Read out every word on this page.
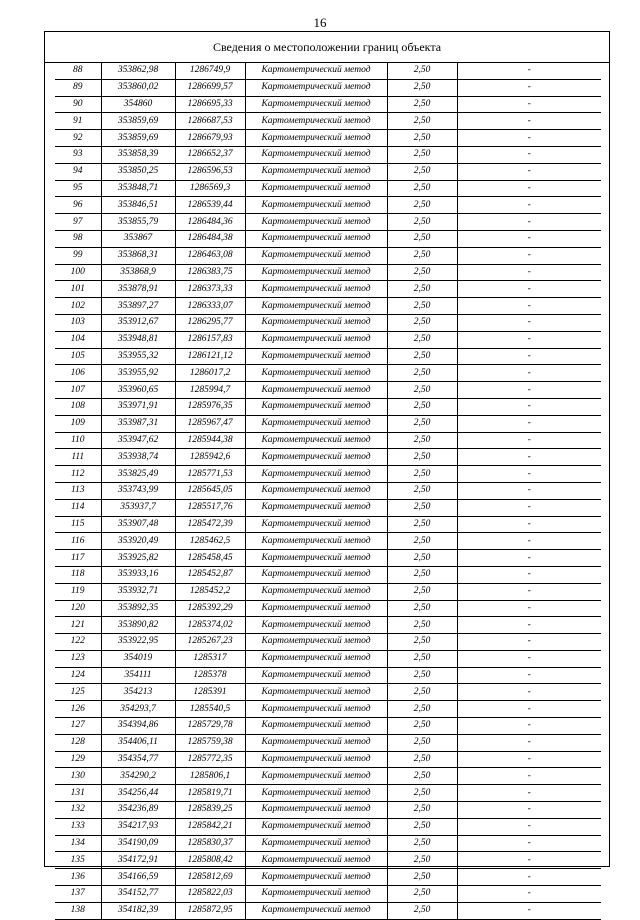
16
Сведения о местоположении границ объекта
88	353862,98	1286749,9	Картометрический метод	2,50	-
89	353860,02	1286699,57	Картометрический метод	2,50	-
90	354860	1286695,33	Картометрический метод	2,50	-
91	353859,69	1286687,53	Картометрический метод	2,50	-
92	353859,69	1286679,93	Картометрический метод	2,50	-
93	353858,39	1286652,37	Картометрический метод	2,50	-
94	353850,25	1286596,53	Картометрический метод	2,50	-
95	353848,71	1286569,3	Картометрический метод	2,50	-
96	353846,51	1286539,44	Картометрический метод	2,50	-
97	353855,79	1286484,36	Картометрический метод	2,50	-
98	353867	1286484,38	Картометрический метод	2,50	-
99	353868,31	1286463,08	Картометрический метод	2,50	-
100	353868,9	1286383,75	Картометрический метод	2,50	-
101	353878,91	1286373,33	Картометрический метод	2,50	-
102	353897,27	1286333,07	Картометрический метод	2,50	-
103	353912,67	1286295,77	Картометрический метод	2,50	-
104	353948,81	1286157,83	Картометрический метод	2,50	-
105	353955,32	1286121,12	Картометрический метод	2,50	-
106	353955,92	1286017,2	Картометрический метод	2,50	-
107	353960,65	1285994,7	Картометрический метод	2,50	-
108	353971,91	1285976,35	Картометрический метод	2,50	-
109	353987,31	1285967,47	Картометрический метод	2,50	-
110	353947,62	1285944,38	Картометрический метод	2,50	-
111	353938,74	1285942,6	Картометрический метод	2,50	-
112	353825,49	1285771,53	Картометрический метод	2,50	-
113	353743,99	1285645,05	Картометрический метод	2,50	-
114	353937,7	1285517,76	Картометрический метод	2,50	-
115	353907,48	1285472,39	Картометрический метод	2,50	-
116	353920,49	1285462,5	Картометрический метод	2,50	-
117	353925,82	1285458,45	Картометрический метод	2,50	-
118	353933,16	1285452,87	Картометрический метод	2,50	-
119	353932,71	1285452,2	Картометрический метод	2,50	-
120	353892,35	1285392,29	Картометрический метод	2,50	-
121	353890,82	1285374,02	Картометрический метод	2,50	-
122	353922,95	1285267,23	Картометрический метод	2,50	-
123	354019	1285317	Картометрический метод	2,50	-
124	354111	1285378	Картометрический метод	2,50	-
125	354213	1285391	Картометрический метод	2,50	-
126	354293,7	1285540,5	Картометрический метод	2,50	-
127	354394,86	1285729,78	Картометрический метод	2,50	-
128	354406,11	1285759,38	Картометрический метод	2,50	-
129	354354,77	1285772,35	Картометрический метод	2,50	-
130	354290,2	1285806,1	Картометрический метод	2,50	-
131	354256,44	1285819,71	Картометрический метод	2,50	-
132	354236,89	1285839,25	Картометрический метод	2,50	-
133	354217,93	1285842,21	Картометрический метод	2,50	-
134	354190,09	1285830,37	Картометрический метод	2,50	-
135	354172,91	1285808,42	Картометрический метод	2,50	-
136	354166,59	1285812,69	Картометрический метод	2,50	-
137	354152,77	1285822,03	Картометрический метод	2,50	-
138	354182,39	1285872,95	Картометрический метод	2,50	-
